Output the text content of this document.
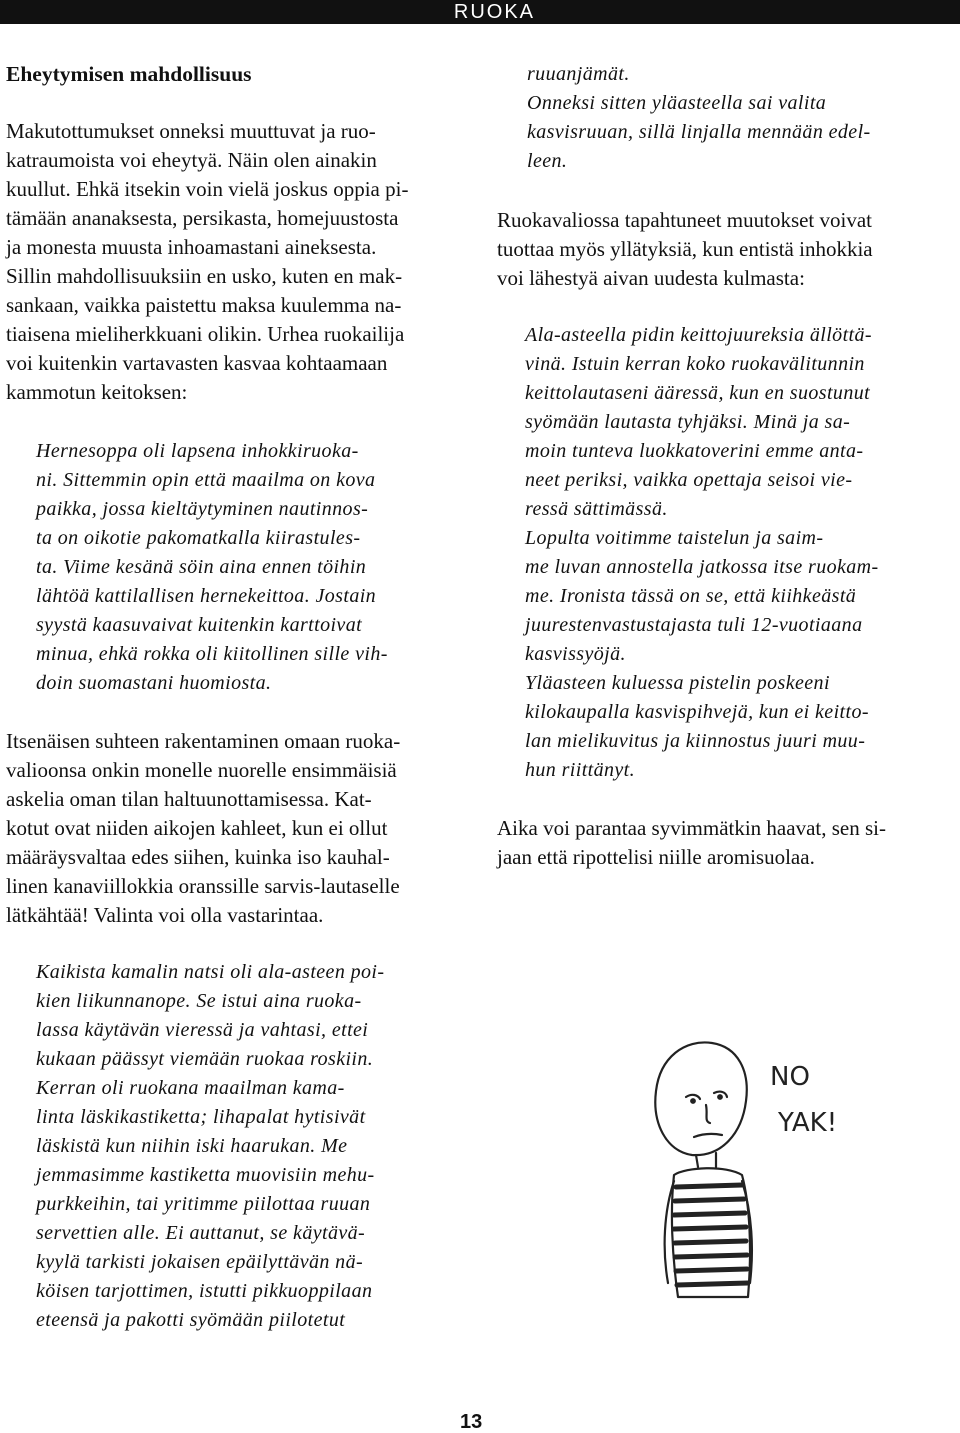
RUOKA
Eheytymisen mahdollisuus

Makutottumukset onneksi muuttuvat ja ruo-
katraumoista voi eheytyä. Näin olen ainakin
kuullut. Ehkä itsekin voin vielä joskus oppia pi-
tämään ananaksesta, persikasta, homejuustosta
ja monesta muusta inhoamastani aineksesta.
Sillin mahdollisuuksiin en usko, kuten en mak-
sankaan, vaikka paistettu maksa kuulemma na-
tiaisena mieliherkkuani olikin. Urhea ruokailija
voi kuitenkin vartavasten kasvaa kohtaamaan
kammotun keitoksen:

Hernesoppa oli lapsena inhokkiruoka-
ni. Sittemmin opin että maailma on kova
paikka, jossa kieltäytyminen nautinnos-
ta on oikotie pakomatkalla kiirastules-
ta. Viime kesänä söin aina ennen töihin
lähtöä kattilallisen hernekeittoa. Jostain
syystä kaasuvaivat kuitenkin karttoivat
minua, ehkä rokka oli kiitollinen sille vih-
doin suomastani huomiosta.

Itsenäisen suhteen rakentaminen omaan ruoka-
valioonsa onkin monelle nuorelle ensimmäisiä
askelia oman tilan haltuunottamisessa. Kat-
kotut ovat niiden aikojen kahleet, kun ei ollut
määräysvaltaa edes siihen, kuinka iso kauhal-
linen kanaviillokkia oranssille sarvis-lautaselle
lätkähtää! Valinta voi olla vastarintaa.

Kaikista kamalin natsi oli ala-asteen poi-
kien liikunnanope. Se istui aina ruoka-
lassa käytävän vieressä ja vahtasi, ettei
kukaan päässyt viemään ruokaa roskiin.
Kerran oli ruokana maailman kama-
linta läskikastiketta; lihapalat hytisivät
läskistä kun niihin iski haarukan. Me
jemmasimme kastiketta muovisiin mehu-
purkkeihin, tai yritimme piilottaa ruuan
servettien alle. Ei auttanut, se käytävä-
kyylä tarkisti jokaisen epäilyttävän nä-
köisen tarjottimen, istutti pikkuoppilaan
eteensä ja pakotti syömään piilotetut

ruuanjämät.
Onneksi sitten yläasteella sai valita
kasvisruuan, sillä linjalla mennään edel-
leen.

Ruokavaliossa tapahtuneet muutokset voivat
tuottaa myös yllätyksiä, kun entistä inhokkia
voi lähestyä aivan uudesta kulmasta:

Ala-asteella pidin keittojuureksia ällöttä-
vinä. Istuin kerran koko ruokavälitunnin
keittolautaseni ääressä, kun en suostunut
syömään lautasta tyhjäksi. Minä ja sa-
moin tunteva luokkatoverini emme anta-
neet periksi, vaikka opettaja seisoi vie-
ressä sättimässä.
Lopulta voitimme taistelun ja saim-
me luvan annostella jatkossa itse ruokam-
me. Ironista tässä on se, että kiihkeästä
juurestenvastustajasta tuli 12-vuotiaana
kasvissyöjä.
Yläasteen kuluessa pistelin poskeeni
kilokaupalla kasvispihvejä, kun ei keitto-
lan mielikuvitus ja kiinnostus juuri muu-
hun riittänyt.

Aika voi parantaa syvimmätkin haavat, sen si-
jaan että ripottelisi niille aromisuolaa.

NO
YAK!
13
